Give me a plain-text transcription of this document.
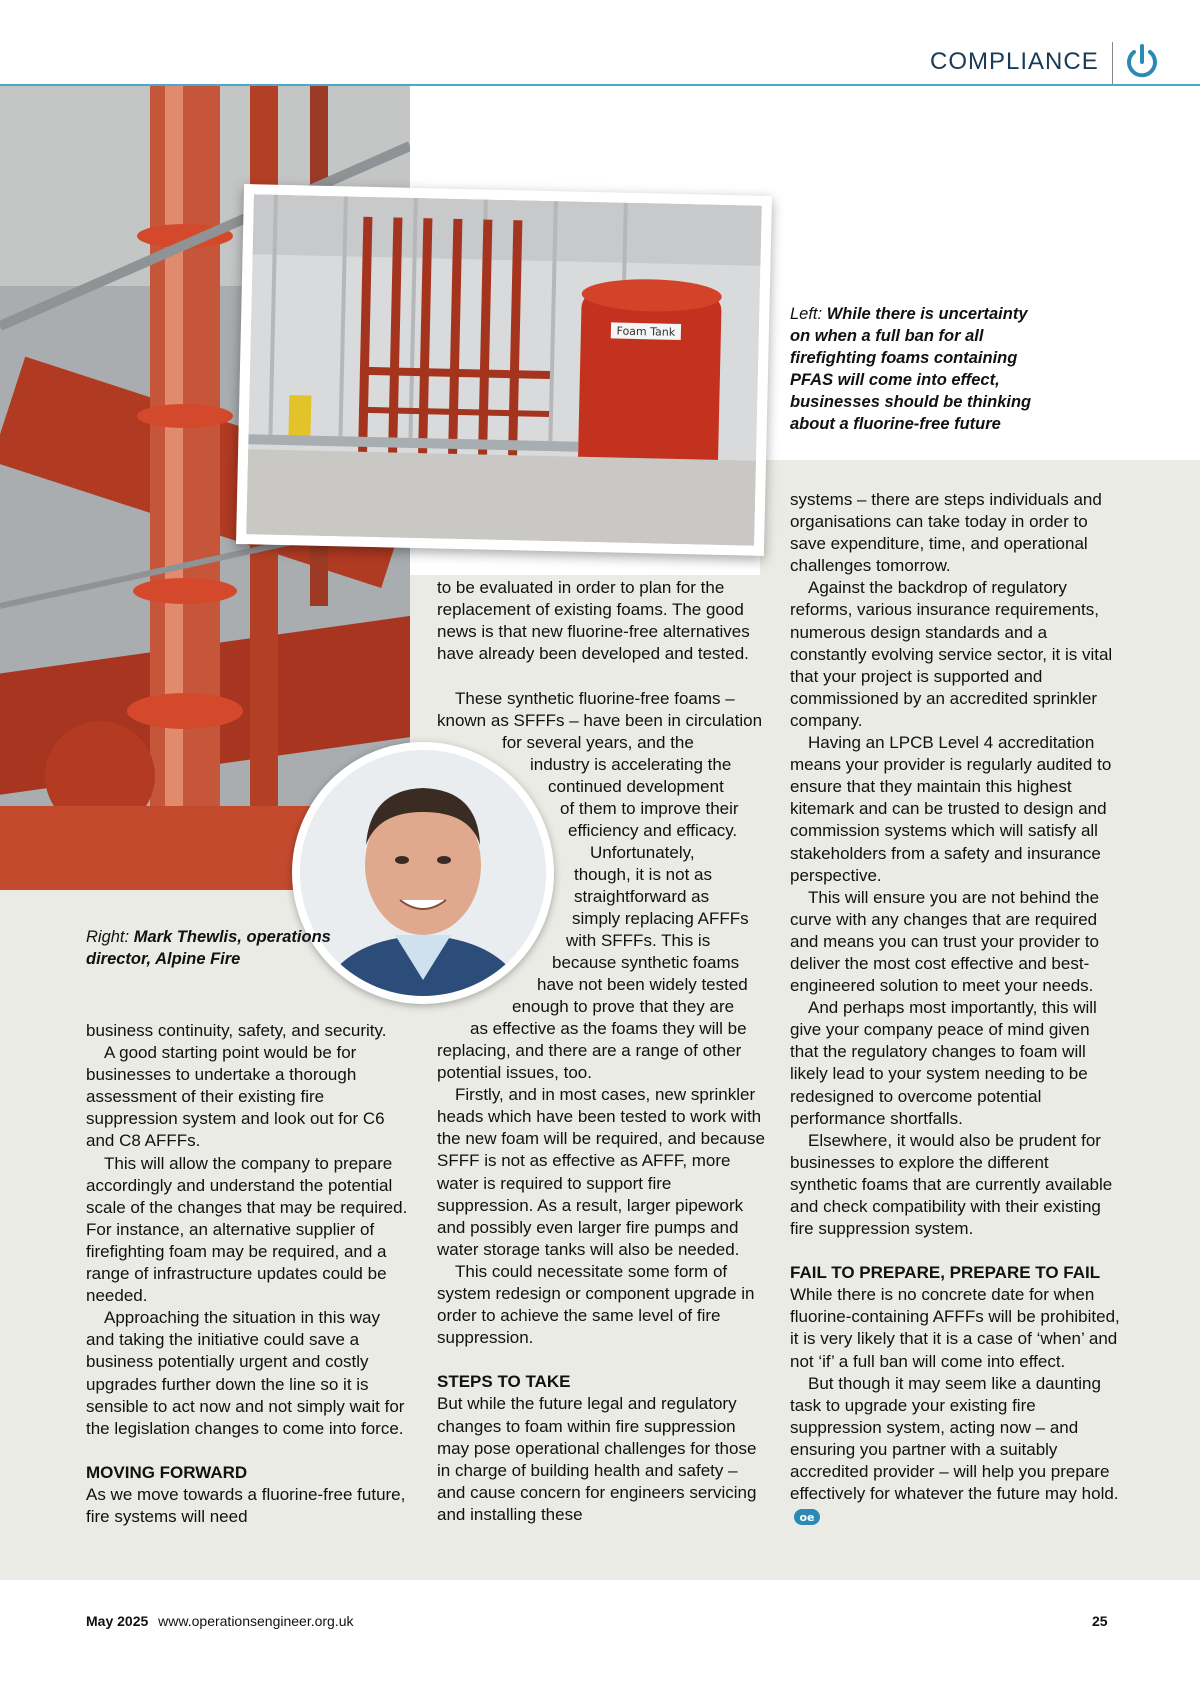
COMPLIANCE
Foam Tank
Right: Mark Thewlis, operations director, Alpine Fire
Left: While there is uncertainty on when a full ban for all firefighting foams containing PFAS will come into effect, businesses should be thinking about a fluorine-free future

business continuity, safety, and security.

A good starting point would be for businesses to undertake a thorough assessment of their existing fire suppression system and look out for C6 and C8 AFFFs.

This will allow the company to prepare accordingly and understand the potential scale of the changes that may be required. For instance, an alternative supplier of firefighting foam may be required, and a range of infrastructure updates could be needed.

Approaching the situation in this way and taking the initiative could save a business potentially urgent and costly upgrades further down the line so it is sensible to act now and not simply wait for the legislation changes to come into force.

MOVING FORWARD

As we move towards a fluorine-free future, fire systems will need

to be evaluated in order to plan for the replacement of existing foams. The good news is that new fluorine-free alternatives have already been developed and tested.

These synthetic fluorine-free foams –
known as SFFFs – have been in circulation
for several years, and the
industry is accelerating the
continued development
of them to improve their
efficiency and efficacy.
Unfortunately,
though, it is not as
straightforward as
simply replacing AFFFs
with SFFFs. This is
because synthetic foams
have not been widely tested
enough to prove that they are
as effective as the foams they will be

replacing, and there are a range of other potential issues, too.

Firstly, and in most cases, new sprinkler heads which have been tested to work with the new foam will be required, and because SFFF is not as effective as AFFF, more water is required to support fire suppression. As a result, larger pipework and possibly even larger fire pumps and water storage tanks will also be needed.

This could necessitate some form of system redesign or component upgrade in order to achieve the same level of fire suppression.

STEPS TO TAKE

But while the future legal and regulatory changes to foam within fire suppression may pose operational challenges for those in charge of building health and safety – and cause concern for engineers servicing and installing these

systems – there are steps individuals and organisations can take today in order to save expenditure, time, and operational challenges tomorrow.

Against the backdrop of regulatory reforms, various insurance requirements, numerous design standards and a constantly evolving service sector, it is vital that your project is supported and commissioned by an accredited sprinkler company.

Having an LPCB Level 4 accreditation means your provider is regularly audited to ensure that they maintain this highest kitemark and can be trusted to design and commission systems which will satisfy all stakeholders from a safety and insurance perspective.

This will ensure you are not behind the curve with any changes that are required and means you can trust your provider to deliver the most cost effective and best-engineered solution to meet your needs.

And perhaps most importantly, this will give your company peace of mind given that the regulatory changes to foam will likely lead to your system needing to be redesigned to overcome potential performance shortfalls.

Elsewhere, it would also be prudent for businesses to explore the different synthetic foams that are currently available and check compatibility with their existing fire suppression system.

FAIL TO PREPARE, PREPARE TO FAIL

While there is no concrete date for when fluorine-containing AFFFs will be prohibited, it is very likely that it is a case of ‘when’ and not ‘if’ a full ban will come into effect.

But though it may seem like a daunting task to upgrade your existing fire suppression system, acting now – and ensuring you partner with a suitably accredited provider – will help you prepare effectively for whatever the future may hold.
oe

May 2025 www.operationsengineer.org.uk	25
